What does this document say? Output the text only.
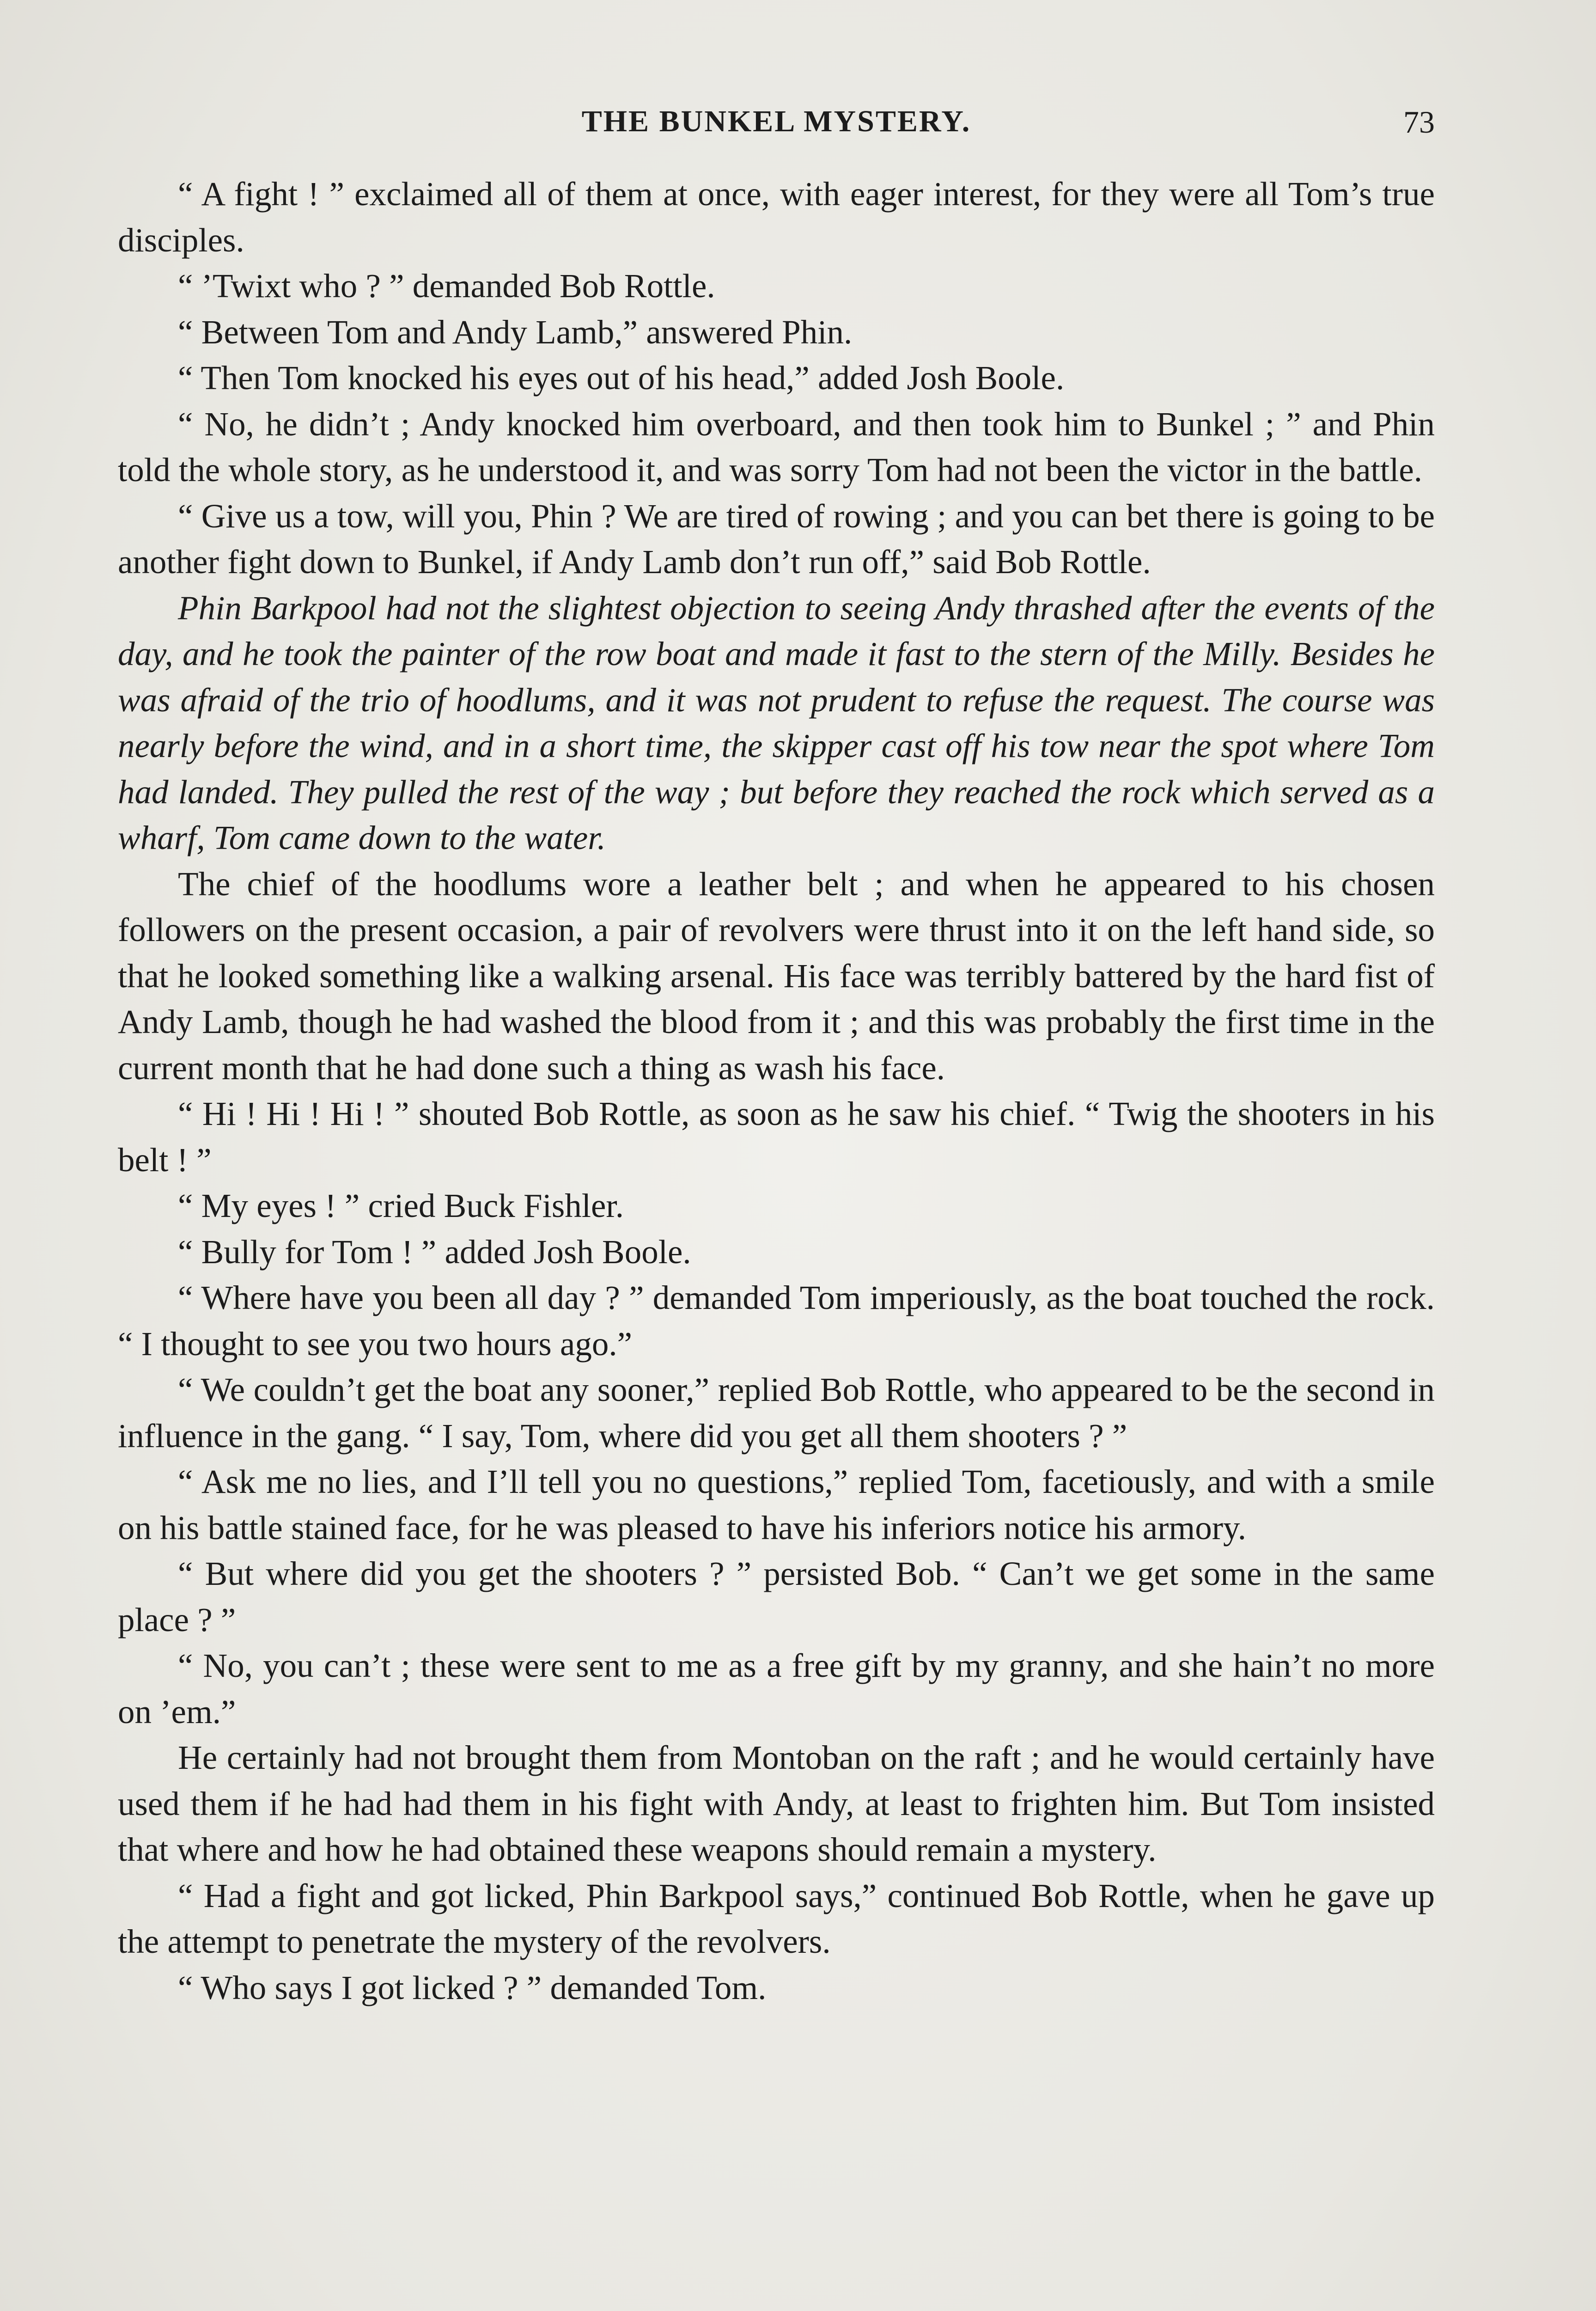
THE BUNKEL MYSTERY.	73

“ A fight ! ” exclaimed all of them at once, with eager interest, for they were all Tom’s true disciples.

“ ’Twixt who ? ” demanded Bob Rottle.

“ Between Tom and Andy Lamb,” answered Phin.

“ Then Tom knocked his eyes out of his head,” added Josh Boole.

“ No, he didn’t ; Andy knocked him overboard, and then took him to Bunkel ; ” and Phin told the whole story, as he understood it, and was sorry Tom had not been the victor in the battle.

“ Give us a tow, will you, Phin ? We are tired of rowing ; and you can bet there is going to be another fight down to Bunkel, if Andy Lamb don’t run off,” said Bob Rottle.

Phin Barkpool had not the slightest objection to seeing Andy thrashed after the events of the day, and he took the painter of the row boat and made it fast to the stern of the Milly. Besides he was afraid of the trio of hoodlums, and it was not prudent to refuse the request. The course was nearly before the wind, and in a short time, the skipper cast off his tow near the spot where Tom had landed. They pulled the rest of the way ; but before they reached the rock which served as a wharf, Tom came down to the water.

The chief of the hoodlums wore a leather belt ; and when he appeared to his chosen followers on the present occasion, a pair of revolvers were thrust into it on the left hand side, so that he looked something like a walking arsenal. His face was terribly battered by the hard fist of Andy Lamb, though he had washed the blood from it ; and this was probably the first time in the current month that he had done such a thing as wash his face.

“ Hi ! Hi ! Hi ! ” shouted Bob Rottle, as soon as he saw his chief. “ Twig the shooters in his belt ! ”

“ My eyes ! ” cried Buck Fishler.

“ Bully for Tom ! ” added Josh Boole.

“ Where have you been all day ? ” demanded Tom imperiously, as the boat touched the rock. “ I thought to see you two hours ago.”

“ We couldn’t get the boat any sooner,” replied Bob Rottle, who appeared to be the second in influence in the gang. “ I say, Tom, where did you get all them shooters ? ”

“ Ask me no lies, and I’ll tell you no questions,” replied Tom, facetiously, and with a smile on his battle stained face, for he was pleased to have his inferiors notice his armory.

“ But where did you get the shooters ? ” persisted Bob. “ Can’t we get some in the same place ? ”

“ No, you can’t ; these were sent to me as a free gift by my granny, and she hain’t no more on ’em.”

He certainly had not brought them from Montoban on the raft ; and he would certainly have used them if he had had them in his fight with Andy, at least to frighten him. But Tom insisted that where and how he had obtained these weapons should remain a mystery.

“ Had a fight and got licked, Phin Barkpool says,” continued Bob Rottle, when he gave up the attempt to penetrate the mystery of the revolvers.

“ Who says I got licked ? ” demanded Tom.
